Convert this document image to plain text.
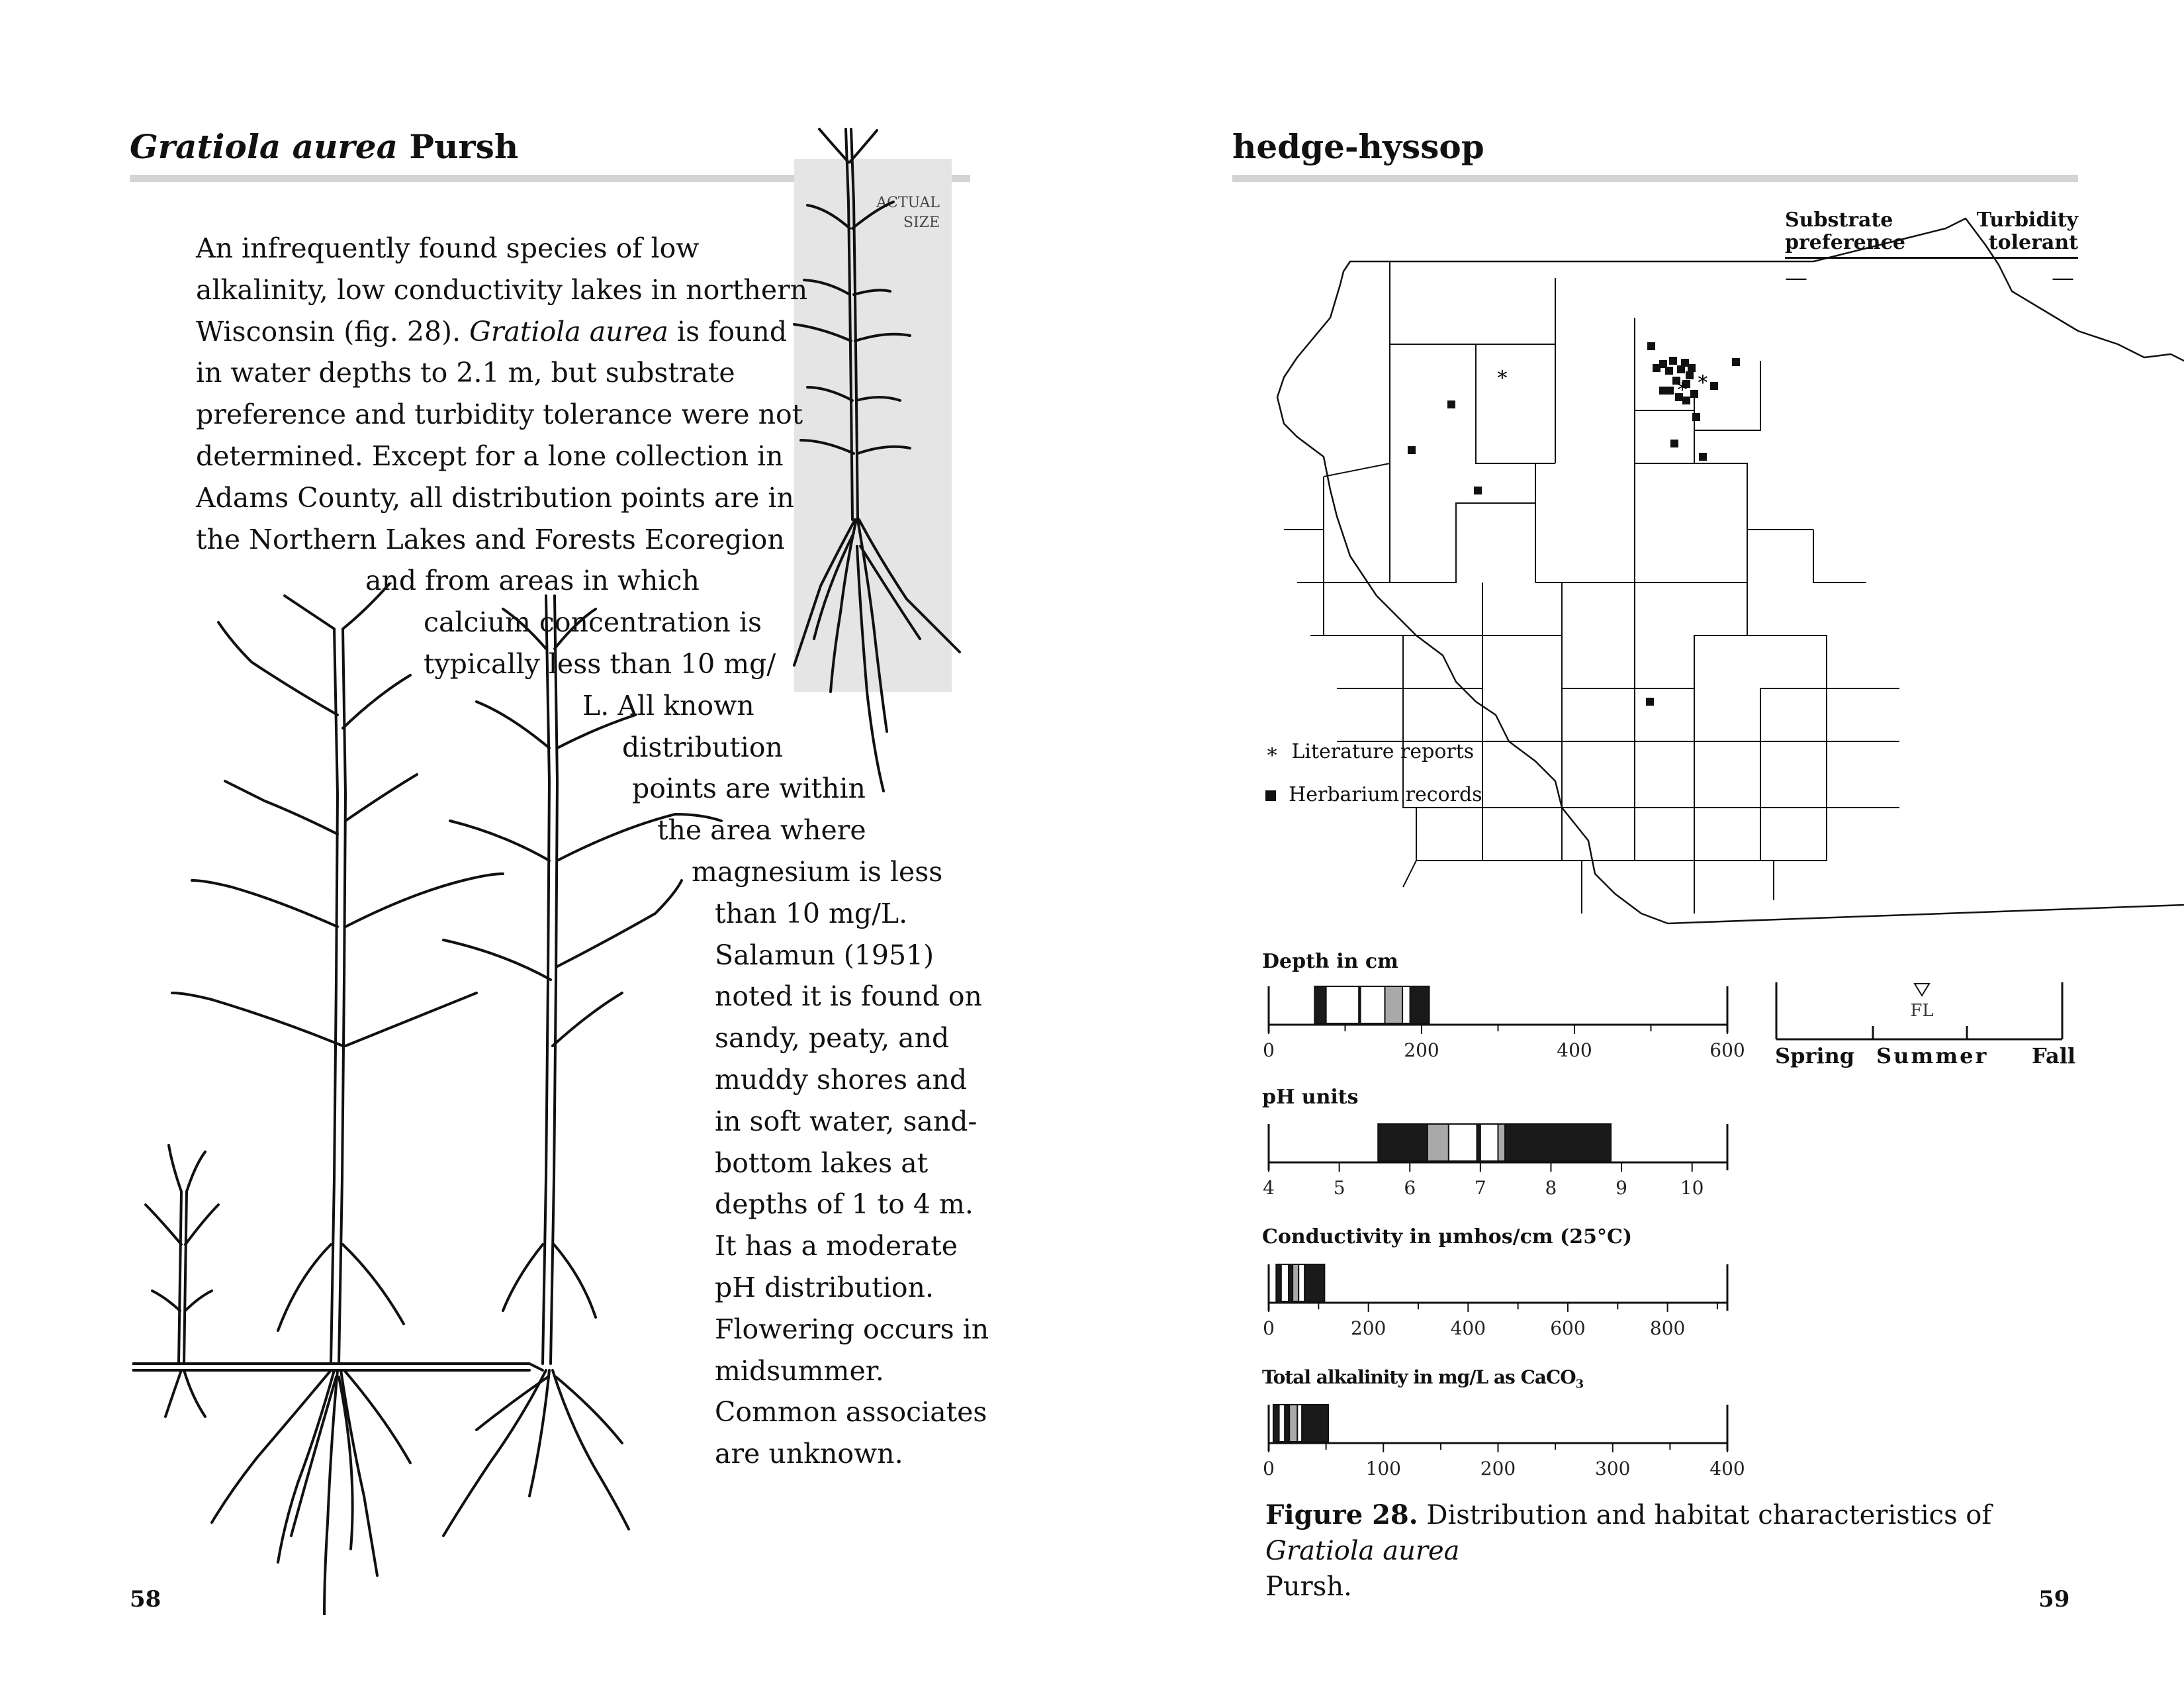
Gratiola aurea Pursh
ACTUAL
SIZE
An infrequently found species of low
alkalinity, low conductivity lakes in northern
Wisconsin (fig. 28). Gratiola aurea is found
in water depths to 2.1 m, but substrate
preference and turbidity tolerance were not
determined. Except for a lone collection in
Adams County, all distribution points are in
the Northern Lakes and Forests Ecoregion
and from areas in which
calcium concentration is
typically less than 10 mg/
L. All known
distribution
points are within
the area where
magnesium is less
than 10 mg/L.
Salamun (1951)
noted it is found on
sandy, peaty, and
muddy shores and
in soft water, sand-
bottom lakes at
depths of 1 to 4 m.
It has a moderate
pH distribution.
Flowering occurs in
midsummer.
Common associates
are unknown.
58
hedge-hyssop
Substrate
preference
Turbidity
tolerant
—	—
∗
∗ ∗
∗ Literature reports
Herbarium records
Depth in cm
pH units
Conductivity in µmhos/cm (25°C)
Total alkalinity in mg/L as CaCO$_3$
0	200	400	600
4	5	6	7	8	9	10
0	200	400	600	800
0	100	200	300	400
FL
Spring Summer Fall
Figure 28. Distribution and habitat characteristics of Gratiola aurea
Pursh.	59
